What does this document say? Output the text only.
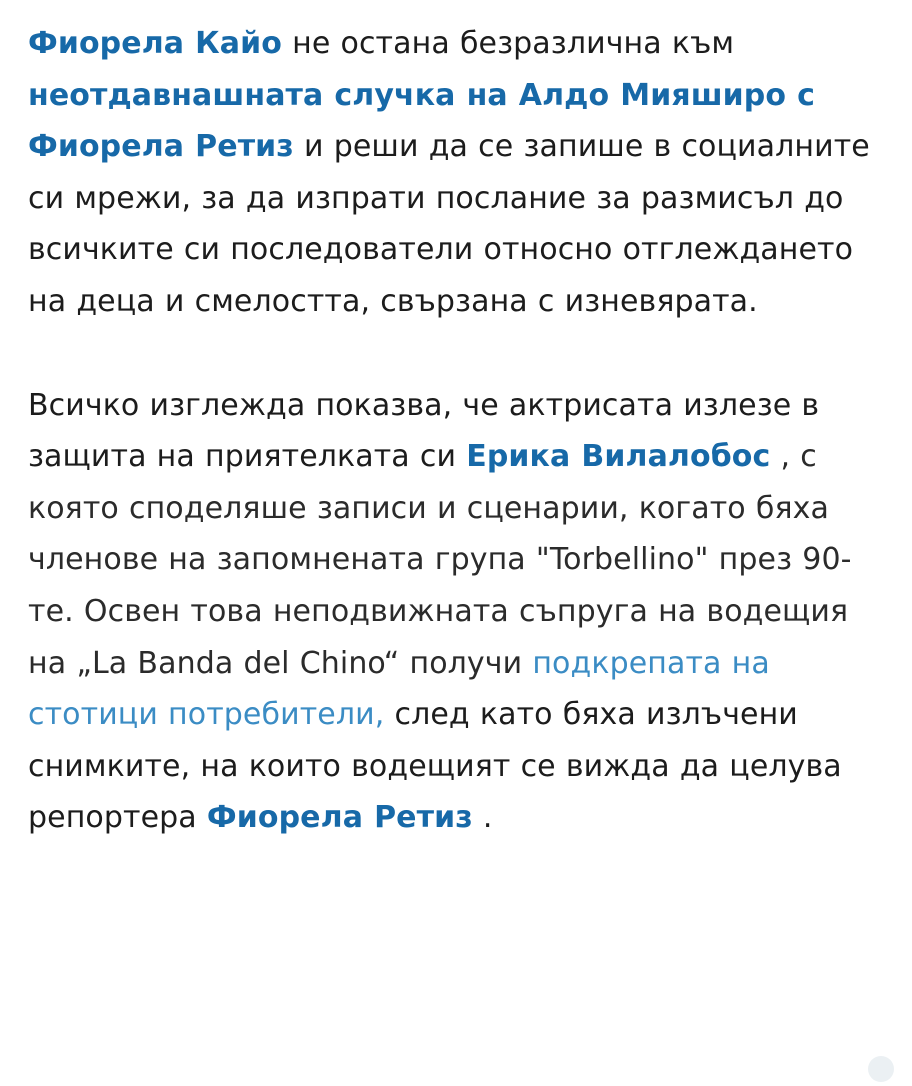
Фиорела Кайо не остана безразлична към неотдавнашната случка на Алдо Мияширо с Фиорела Ретиз и реши да се запише в социалните си мрежи, за да изпрати послание за размисъл до всичките си последователи относно отглеждането на деца и смелостта, свързана с изневярата.

Всичко изглежда показва, че актрисата излезе в защита на приятелката си Ерика Вилалобос , с която споделяше записи и сценарии, когато бяха членове на запомнената група "Torbellino" през 90-те. Освен това неподвижната съпруга на водещия на „La Banda del Chino“ получи подкрепата на стотици потребители, след като бяха излъчени снимките, на които водещият се вижда да целува репортера Фиорела Ретиз .
